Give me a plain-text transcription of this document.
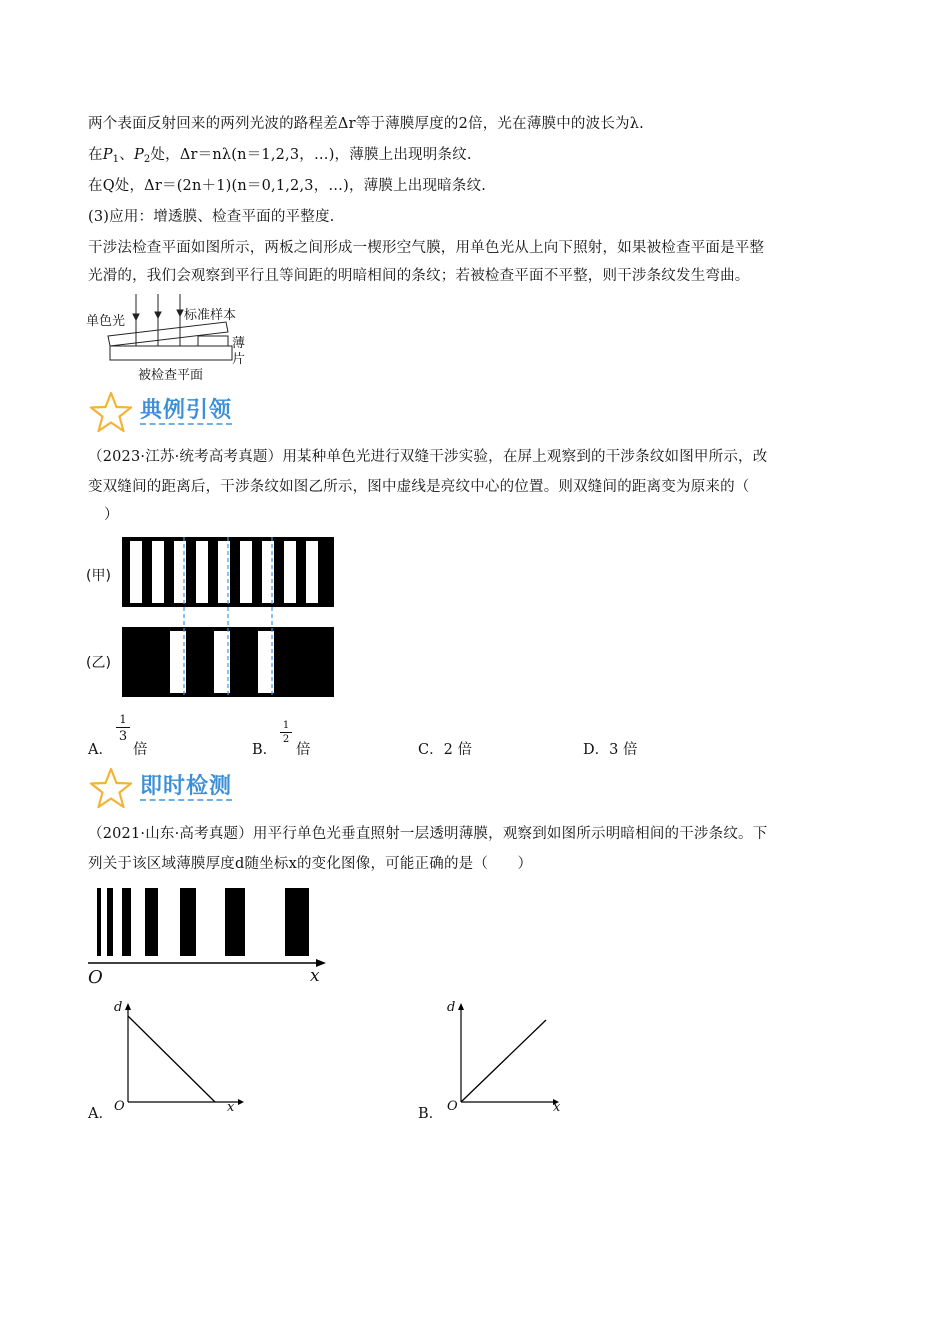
两个表面反射回来的两列光波的路程差Δr等于薄膜厚度的2倍，光在薄膜中的波长为λ.
在$P_1$、$P_2$处，Δr＝nλ(n＝1,2,3，…)，薄膜上出现明条纹.
在Q处，Δr＝(2n＋1)(n＝0,1,2,3，…)，薄膜上出现暗条纹.
(3)应用：增透膜、检查平面的平整度.
干涉法检查平面如图所示，两板之间形成一楔形空气膜，用单色光从上向下照射，如果被检查平面是平整
光滑的，我们会观察到平行且等间距的明暗相间的条纹；若被检查平面不平整，则干涉条纹发生弯曲。
单色光	标准样本
薄
片
被检查平面
典例引领
（2023·江苏·统考高考真题）用某种单色光进行双缝干涉实验，在屏上观察到的干涉条纹如图甲所示，改
变双缝间的距离后，干涉条纹如图乙所示，图中虚线是亮纹中心的位置。则双缝间的距离变为原来的（
）
(甲)
(乙)
A．
1
3
倍	B．
1
2
倍	C．2 倍	D．3 倍
即时检测
（2021·山东·高考真题）用平行单色光垂直照射一层透明薄膜，观察到如图所示明暗相间的干涉条纹。下
列关于该区域薄膜厚度d随坐标x的变化图像，可能正确的是（　　）
O	x
A．
d
O	x	B．
d
O	x
